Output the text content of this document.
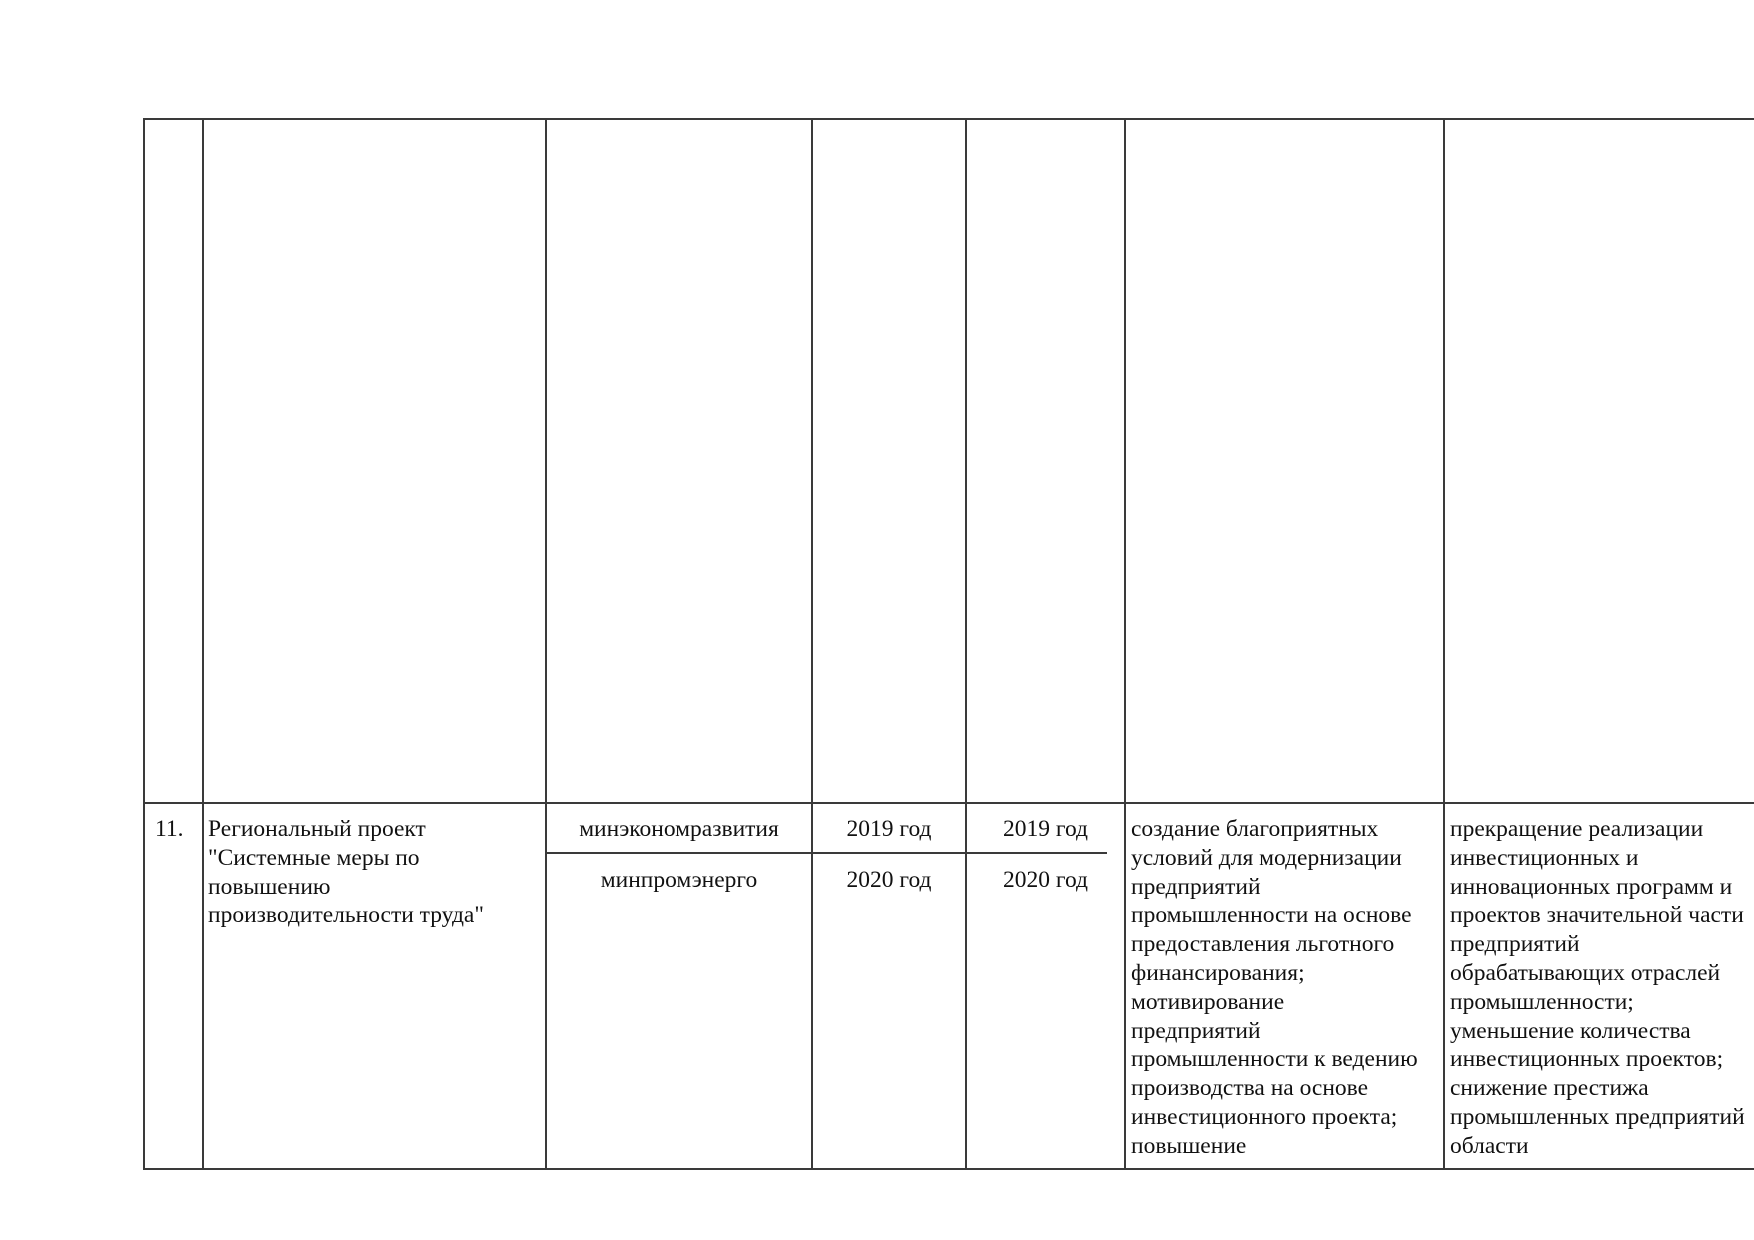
11. Региональный проект
"Системные меры по
повышению
производительности труда"
минэкономразвития
минпромэнерго
2019 год
2020 год
2019 год
2020 год
создание благоприятных
условий для модернизации
предприятий
промышленности на основе
предоставления льготного
финансирования;
мотивирование
предприятий
промышленности к ведению
производства на основе
инвестиционного проекта;
повышение
прекращение реализации
инвестиционных и
инновационных программ и
проектов значительной части
предприятий
обрабатывающих отраслей
промышленности;
уменьшение количества
инвестиционных проектов;
снижение престижа
промышленных предприятий
области
